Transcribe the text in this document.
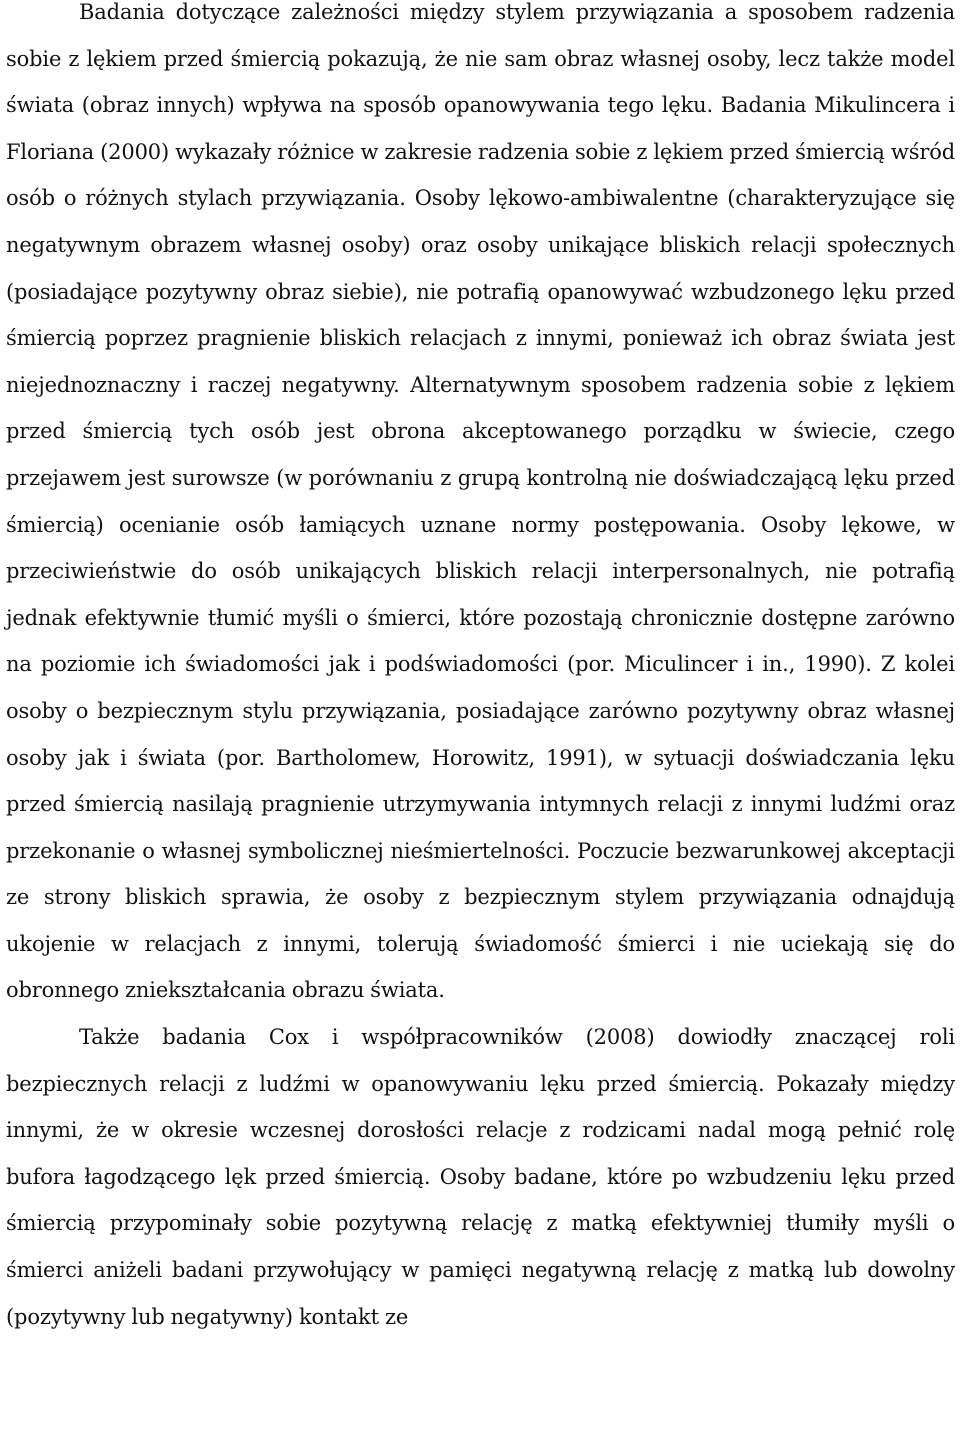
Badania dotyczące zależności między stylem przywiązania a sposobem radzenia sobie z lękiem przed śmiercią pokazują, że nie sam obraz własnej osoby, lecz także model świata (obraz innych) wpływa na sposób opanowywania tego lęku. Badania Mikulincera i Floriana (2000) wykazały różnice w zakresie radzenia sobie z lękiem przed śmiercią wśród osób o różnych stylach przywiązania. Osoby lękowo-ambiwalentne (charakteryzujące się negatywnym obrazem własnej osoby) oraz osoby unikające bliskich relacji społecznych (posiadające pozytywny obraz siebie), nie potrafią opanowywać wzbudzonego lęku przed śmiercią poprzez pragnienie bliskich relacjach z innymi, ponieważ ich obraz świata jest niejednoznaczny i raczej negatywny. Alternatywnym sposobem radzenia sobie z lękiem przed śmiercią tych osób jest obrona akceptowanego porządku w świecie, czego przejawem jest surowsze (w porównaniu z grupą kontrolną nie doświadczającą lęku przed śmiercią) ocenianie osób łamiących uznane normy postępowania. Osoby lękowe, w przeciwieństwie do osób unikających bliskich relacji interpersonalnych, nie potrafią jednak efektywnie tłumić myśli o śmierci, które pozostają chronicznie dostępne zarówno na poziomie ich świadomości jak i podświadomości (por. Miculincer i in., 1990). Z kolei osoby o bezpiecznym stylu przywiązania, posiadające zarówno pozytywny obraz własnej osoby jak i świata (por. Bartholomew, Horowitz, 1991), w sytuacji doświadczania lęku przed śmiercią nasilają pragnienie utrzymywania intymnych relacji z innymi ludźmi oraz przekonanie o własnej symbolicznej nieśmiertelności. Poczucie bezwarunkowej akceptacji ze strony bliskich sprawia, że osoby z bezpiecznym stylem przywiązania odnajdują ukojenie w relacjach z innymi, tolerują świadomość śmierci i nie uciekają się do obronnego zniekształcania obrazu świata.

Także badania Cox i współpracowników (2008) dowiodły znaczącej roli bezpiecznych relacji z ludźmi w opanowywaniu lęku przed śmiercią. Pokazały między innymi, że w okresie wczesnej dorosłości relacje z rodzicami nadal mogą pełnić rolę bufora łagodzącego lęk przed śmiercią. Osoby badane, które po wzbudzeniu lęku przed śmiercią przypominały sobie pozytywną relację z matką efektywniej tłumiły myśli o śmierci aniżeli badani przywołujący w pamięci negatywną relację z matką lub dowolny (pozytywny lub negatywny) kontakt ze
